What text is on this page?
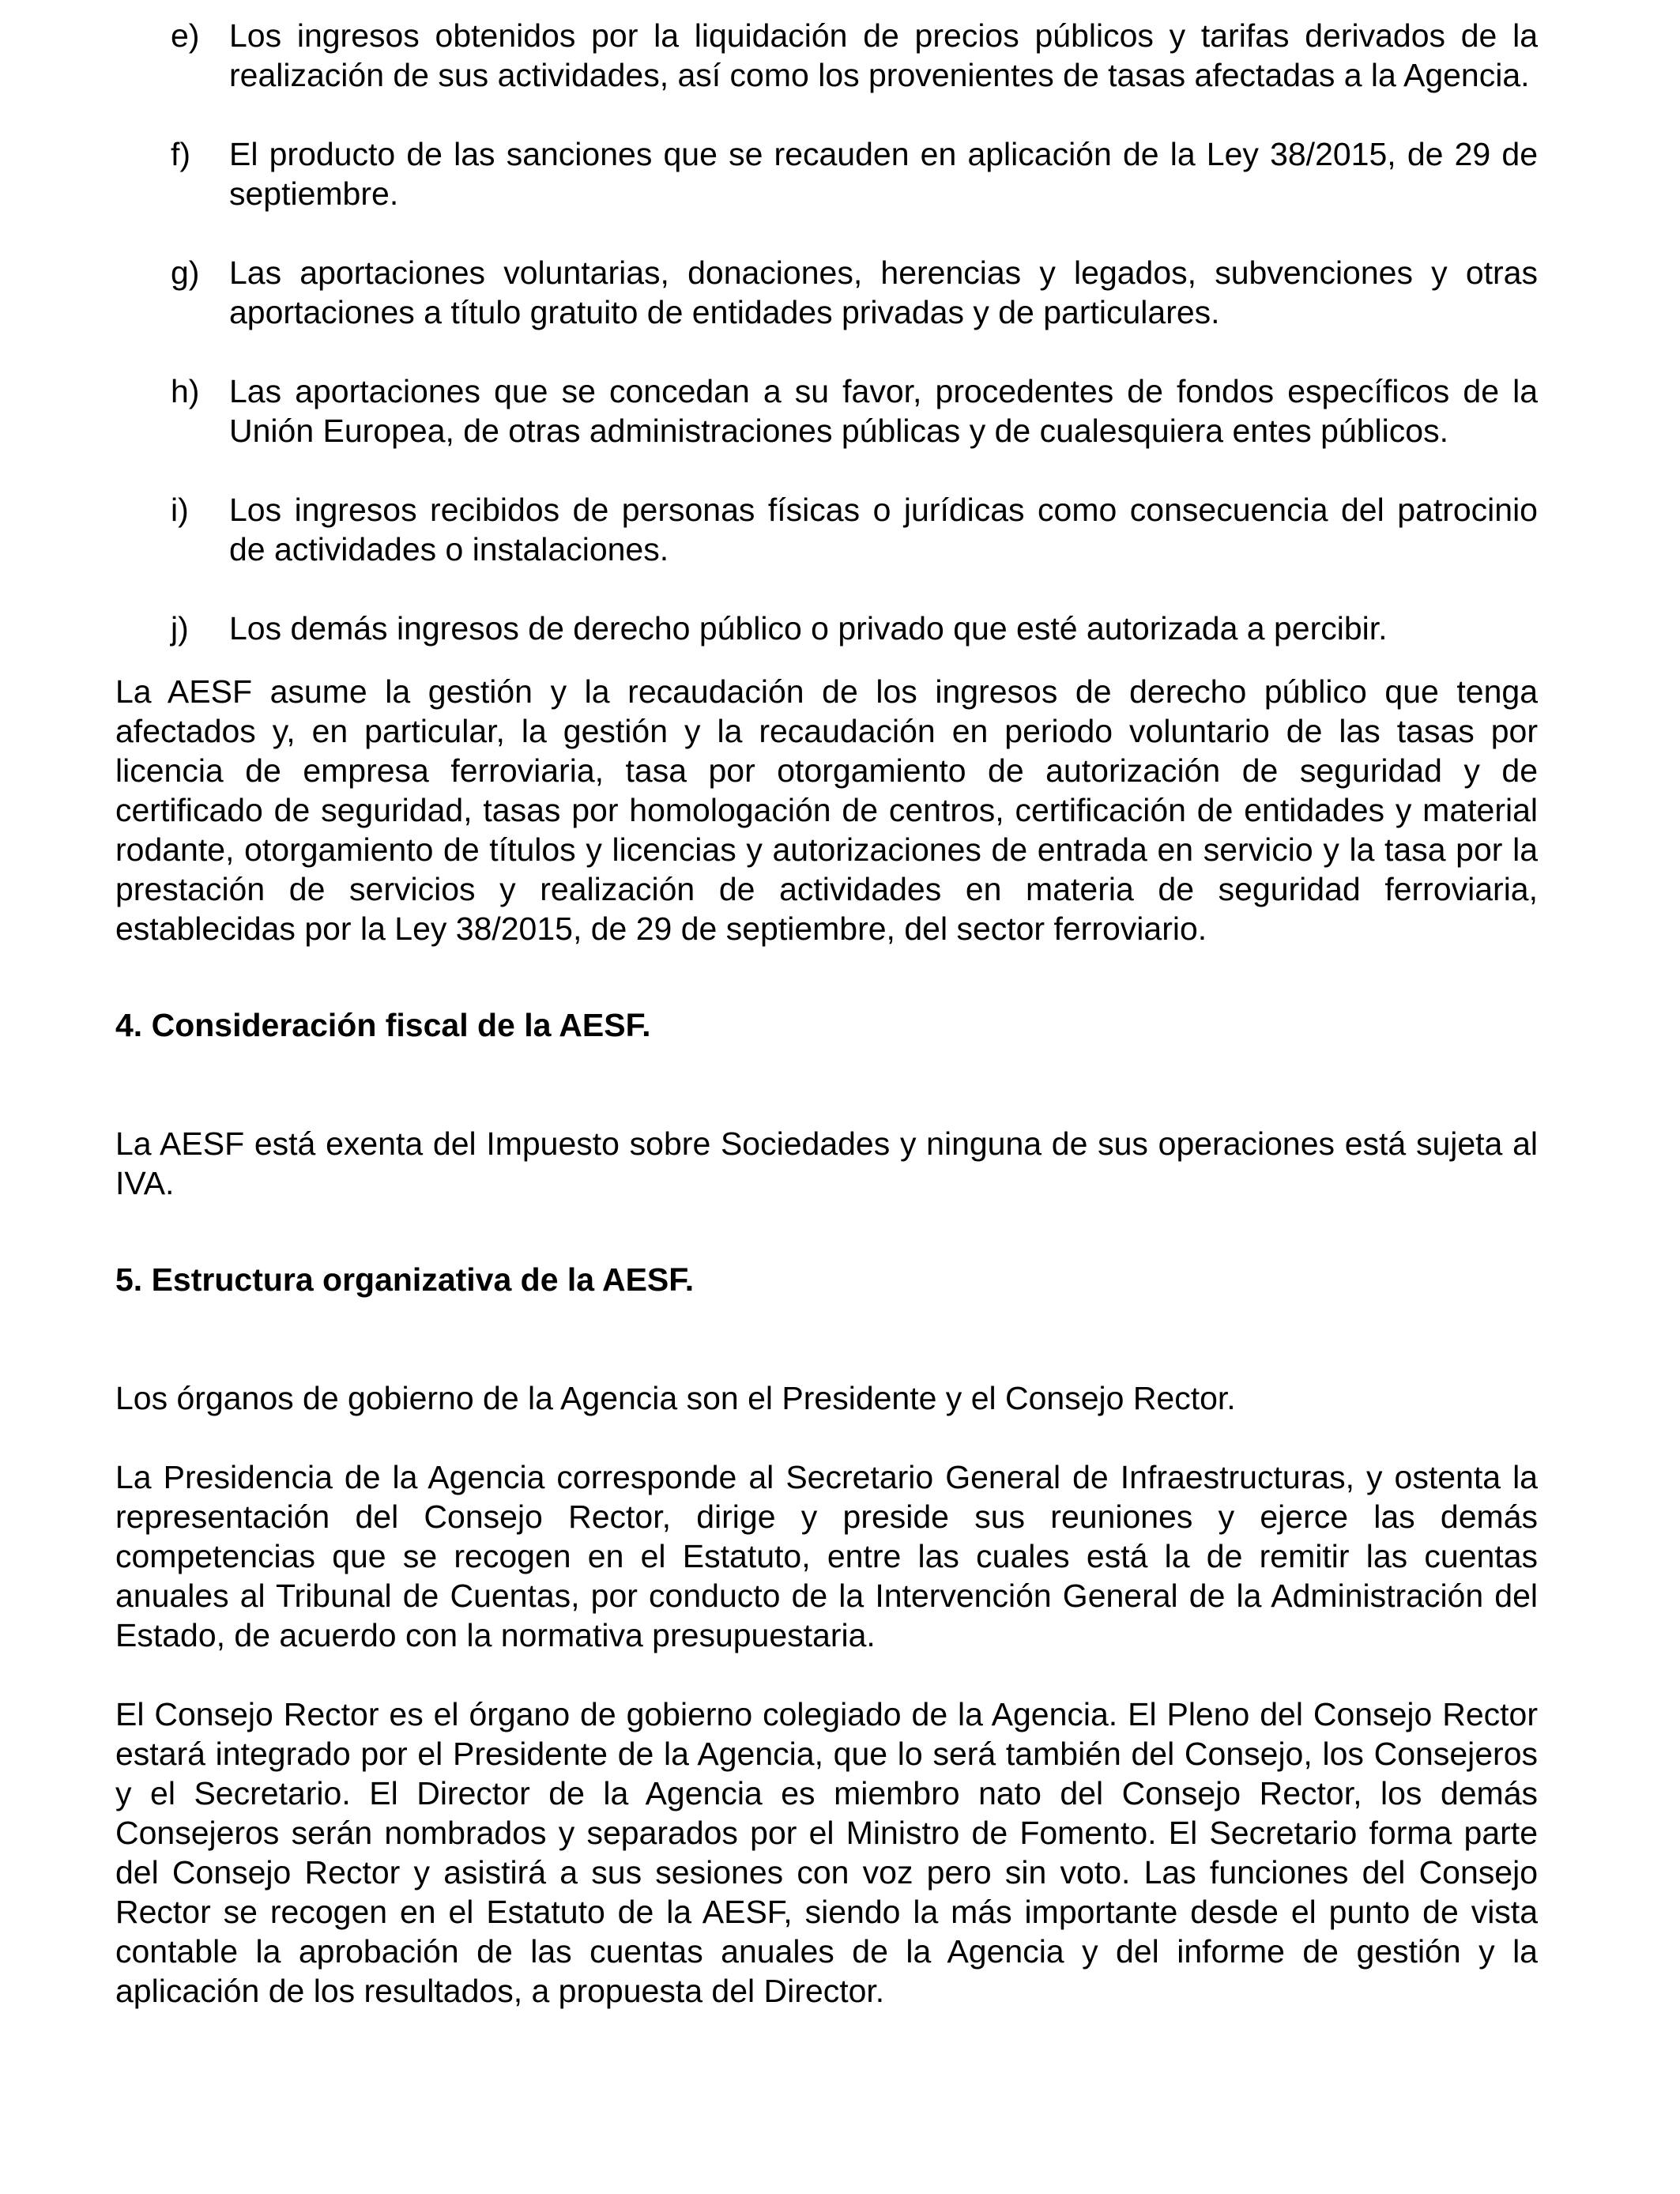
e) Los ingresos obtenidos por la liquidación de precios públicos y tarifas derivados de la realización de sus actividades, así como los provenientes de tasas afectadas a la Agencia.
f) El producto de las sanciones que se recauden en aplicación de la Ley 38/2015, de 29 de septiembre.
g) Las aportaciones voluntarias, donaciones, herencias y legados, subvenciones y otras aportaciones a título gratuito de entidades privadas y de particulares.
h) Las aportaciones que se concedan a su favor, procedentes de fondos específicos de la Unión Europea, de otras administraciones públicas y de cualesquiera entes públicos.
i) Los ingresos recibidos de personas físicas o jurídicas como consecuencia del patrocinio de actividades o instalaciones.
j) Los demás ingresos de derecho público o privado que esté autorizada a percibir.

La AESF asume la gestión y la recaudación de los ingresos de derecho público que tenga afectados y, en particular, la gestión y la recaudación en periodo voluntario de las tasas por licencia de empresa ferroviaria, tasa por otorgamiento de autorización de seguridad y de certificado de seguridad, tasas por homologación de centros, certificación de entidades y material rodante, otorgamiento de títulos y licencias y autorizaciones de entrada en servicio y la tasa por la prestación de servicios y realización de actividades en materia de seguridad ferroviaria, establecidas por la Ley 38/2015, de 29 de septiembre, del sector ferroviario.

4. Consideración fiscal de la AESF.

La AESF está exenta del Impuesto sobre Sociedades y ninguna de sus operaciones está sujeta al IVA.

5. Estructura organizativa de la AESF.

Los órganos de gobierno de la Agencia son el Presidente y el Consejo Rector.

La Presidencia de la Agencia corresponde al Secretario General de Infraestructuras, y ostenta la representación del Consejo Rector, dirige y preside sus reuniones y ejerce las demás competencias que se recogen en el Estatuto, entre las cuales está la de remitir las cuentas anuales al Tribunal de Cuentas, por conducto de la Intervención General de la Administración del Estado, de acuerdo con la normativa presupuestaria.

El Consejo Rector es el órgano de gobierno colegiado de la Agencia. El Pleno del Consejo Rector estará integrado por el Presidente de la Agencia, que lo será también del Consejo, los Consejeros y el Secretario. El Director de la Agencia es miembro nato del Consejo Rector, los demás Consejeros serán nombrados y separados por el Ministro de Fomento. El Secretario forma parte del Consejo Rector y asistirá a sus sesiones con voz pero sin voto. Las funciones del Consejo Rector se recogen en el Estatuto de la AESF, siendo la más importante desde el punto de vista contable la aprobación de las cuentas anuales de la Agencia y del informe de gestión y la aplicación de los resultados, a propuesta del Director.
